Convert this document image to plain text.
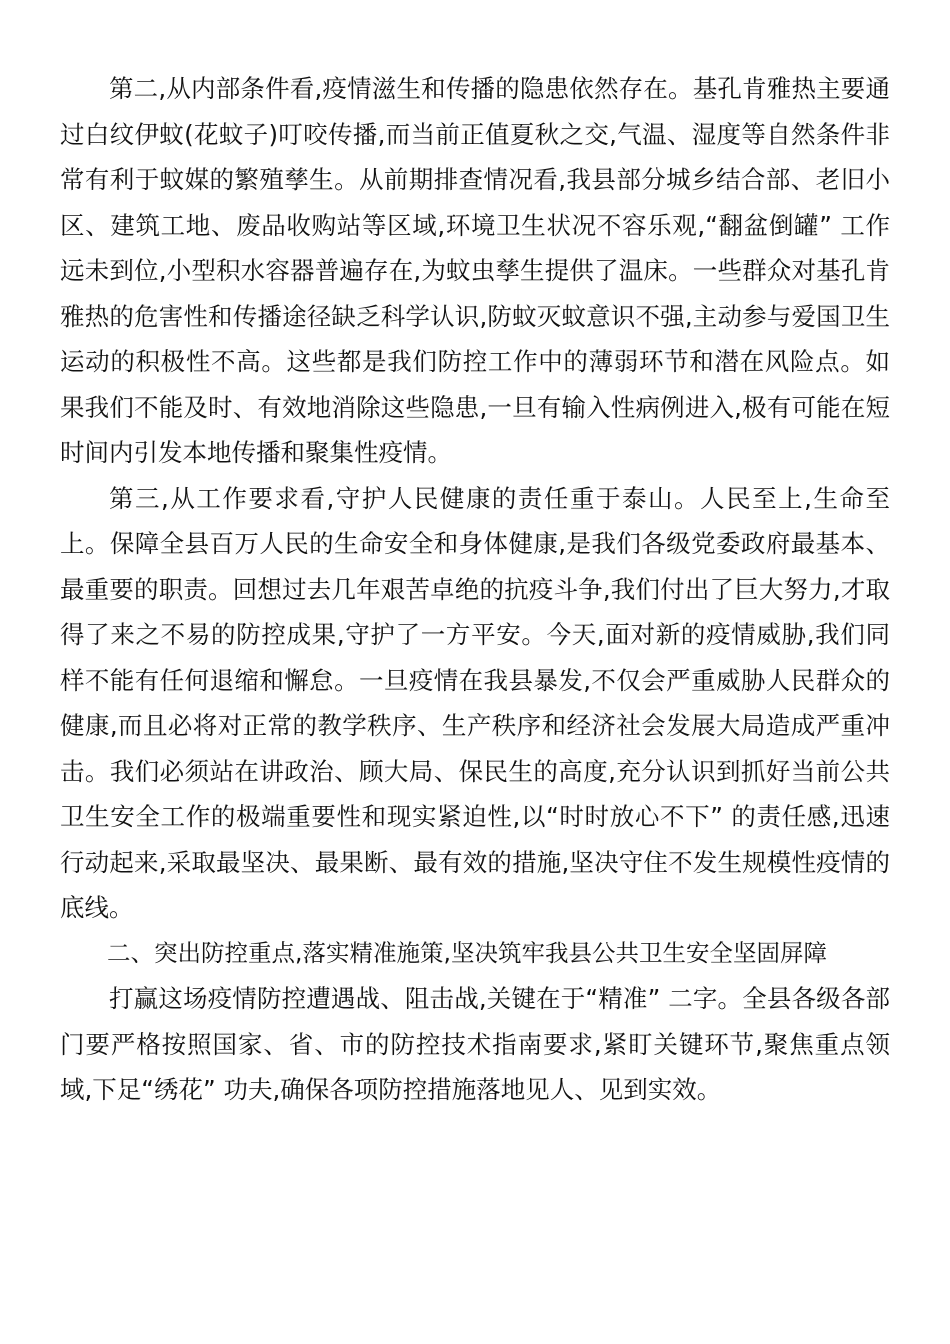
第二,从内部条件看,疫情滋生和传播的隐患依然存在。基孔肯雅热主要通过白纹伊蚊(花蚊子)叮咬传播,而当前正值夏秋之交,气温、湿度等自然条件非常有利于蚊媒的繁殖孳生。从前期排查情况看,我县部分城乡结合部、老旧小区、建筑工地、废品收购站等区域,环境卫生状况不容乐观,“翻盆倒罐” 工作远未到位,小型积水容器普遍存在,为蚊虫孳生提供了温床。一些群众对基孔肯雅热的危害性和传播途径缺乏科学认识,防蚊灭蚊意识不强,主动参与爱国卫生运动的积极性不高。这些都是我们防控工作中的薄弱环节和潜在风险点。如果我们不能及时、有效地消除这些隐患,一旦有输入性病例进入,极有可能在短时间内引发本地传播和聚集性疫情。

第三,从工作要求看,守护人民健康的责任重于泰山。人民至上,生命至上。保障全县百万人民的生命安全和身体健康,是我们各级党委政府最基本、最重要的职责。回想过去几年艰苦卓绝的抗疫斗争,我们付出了巨大努力,才取得了来之不易的防控成果,守护了一方平安。今天,面对新的疫情威胁,我们同样不能有任何退缩和懈怠。一旦疫情在我县暴发,不仅会严重威胁人民群众的健康,而且必将对正常的教学秩序、生产秩序和经济社会发展大局造成严重冲击。我们必须站在讲政治、顾大局、保民生的高度,充分认识到抓好当前公共卫生安全工作的极端重要性和现实紧迫性,以“时时放心不下” 的责任感,迅速行动起来,采取最坚决、最果断、最有效的措施,坚决守住不发生规模性疫情的底线。

二、突出防控重点,落实精准施策,坚决筑牢我县公共卫生安全坚固屏障

打赢这场疫情防控遭遇战、阻击战,关键在于“精准” 二字。全县各级各部门要严格按照国家、省、市的防控技术指南要求,紧盯关键环节,聚焦重点领域,下足“绣花” 功夫,确保各项防控措施落地见人、见到实效。
